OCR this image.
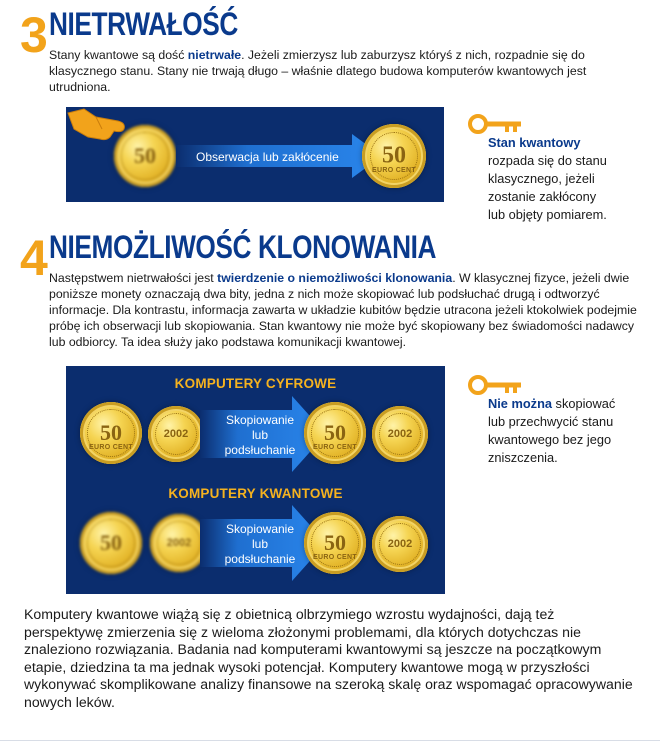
3 NIETRWAŁOŚĆ
Stany kwantowe są dość nietrwałe. Jeżeli zmierzysz lub zaburzysz któryś z nich, rozpadnie się do klasycznego stanu. Stany nie trwają długo – właśnie dlatego budowa komputerów kwantowych jest utrudniona.
50	Obserwacja lub zakłócenie	50
EURO CENT
Stan kwantowy
rozpada się do stanu
klasycznego, jeżeli
zostanie zakłócony
lub objęty pomiarem.
4 NIEMOŻLIWOŚĆ KLONOWANIA
Następstwem nietrwałości jest twierdzenie o niemożliwości klonowania. W klasycznej fizyce, jeżeli dwie poniższe monety oznaczają dwa bity, jedna z nich może skopiować lub podsłuchać drugą i odtworzyć informacje. Dla kontrastu, informacja zawarta w układzie kubitów będzie utracona jeżeli ktokolwiek podejmie próbę ich obserwacji lub skopiowania. Stan kwantowy nie może być skopiowany bez świadomości nadawcy lub odbiorcy. Ta idea służy jako podstawa komunikacji kwantowej.
KOMPUTERY CYFROWE
50
EURO CENT
2002
Skopiowanie
lub
podsłuchanie
50
EURO CENT
2002
KOMPUTERY KWANTOWE
50	2002
Skopiowanie
lub
podsłuchanie
50
EURO CENT
2002
Nie można skopiować
lub przechwycić stanu
kwantowego bez jego
zniszczenia.
Komputery kwantowe wiążą się z obietnicą olbrzymiego wzrostu wydajności, dają też perspektywę zmierzenia się z wieloma złożonymi problemami, dla których dotychczas nie znaleziono rozwiązania. Badania nad komputerami kwantowymi są jeszcze na początkowym etapie, dziedzina ta ma jednak wysoki potencjał. Komputery kwantowe mogą w przyszłości wykonywać skomplikowane analizy finansowe na szeroką skalę oraz wspomagać opracowywanie nowych leków.
